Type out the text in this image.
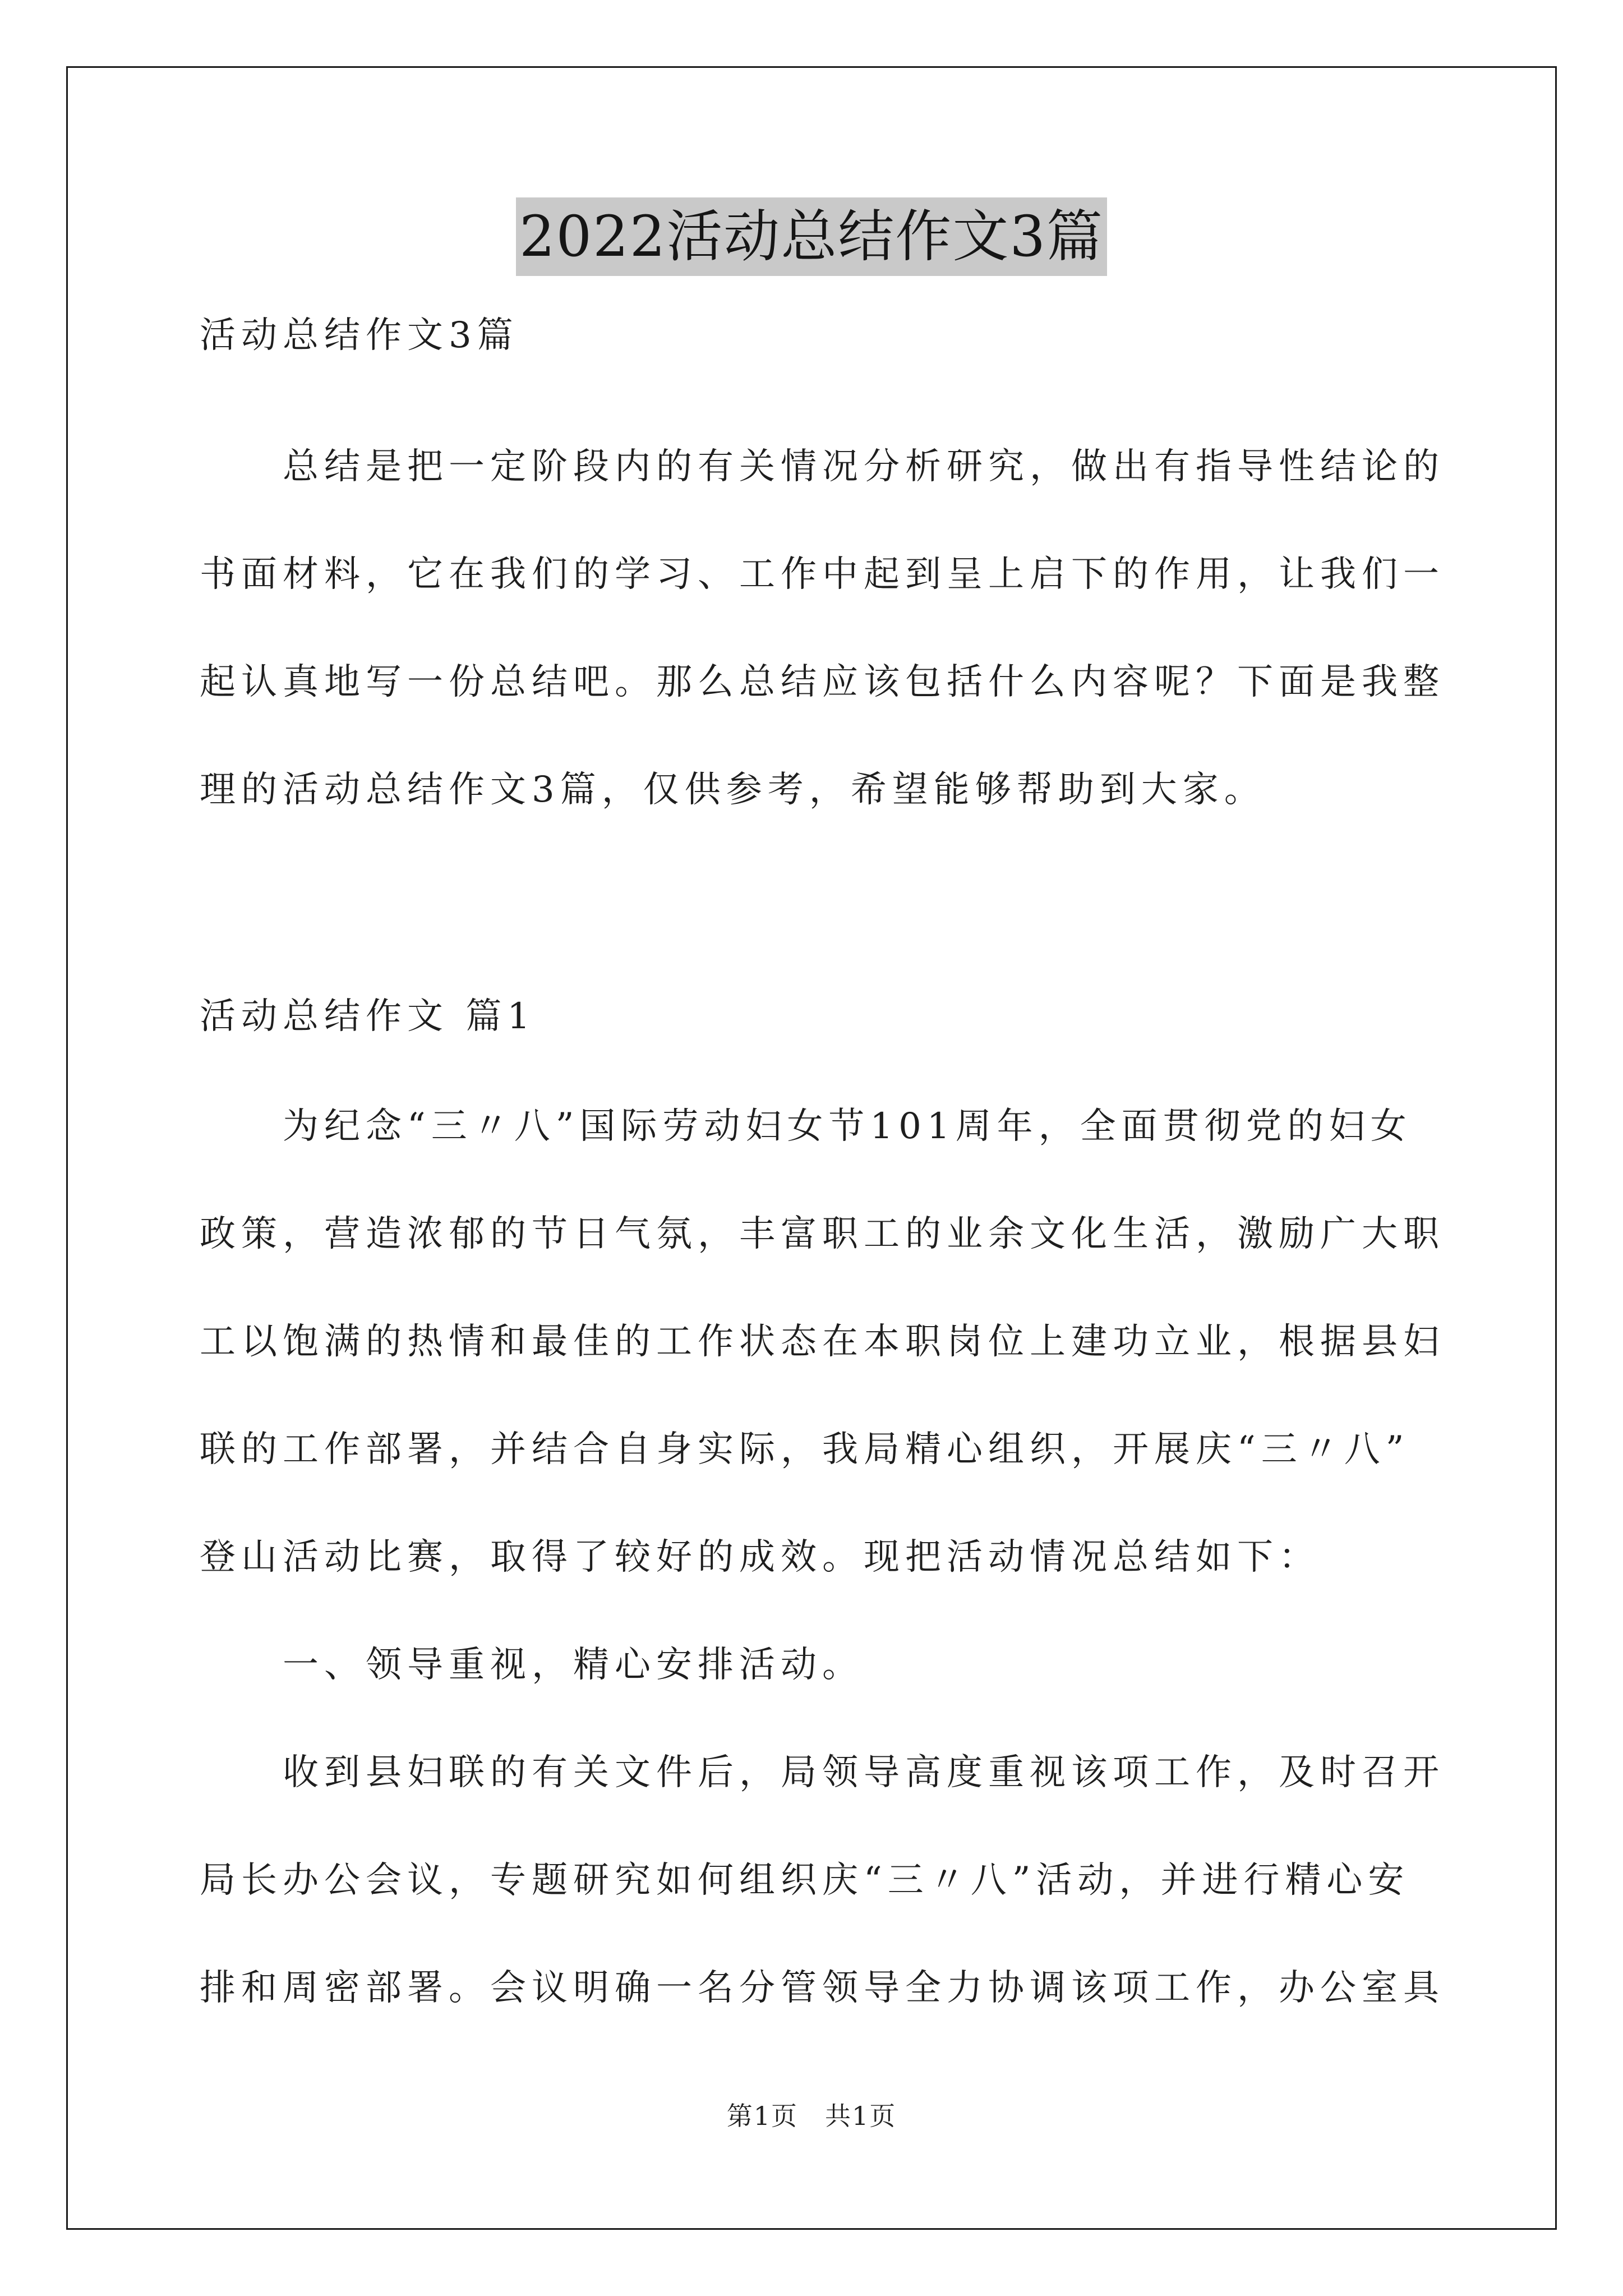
2022活动总结作文3篇
活动总结作文3篇
　　总结是把一定阶段内的有关情况分析研究，做出有指导性结论的
书面材料，它在我们的学习、工作中起到呈上启下的作用，让我们一
起认真地写一份总结吧。那么总结应该包括什么内容呢？下面是我整
理的活动总结作文3篇，仅供参考，希望能够帮助到大家。
活动总结作文 篇1
　　为纪念“三〃八”国际劳动妇女节101周年，全面贯彻党的妇女
政策，营造浓郁的节日气氛，丰富职工的业余文化生活，激励广大职
工以饱满的热情和最佳的工作状态在本职岗位上建功立业，根据县妇
联的工作部署，并结合自身实际，我局精心组织，开展庆“三〃八”
登山活动比赛，取得了较好的成效。现把活动情况总结如下：
　　一、领导重视，精心安排活动。
　　收到县妇联的有关文件后，局领导高度重视该项工作，及时召开
局长办公会议，专题研究如何组织庆“三〃八”活动，并进行精心安
排和周密部署。会议明确一名分管领导全力协调该项工作，办公室具
第1页 共1页
